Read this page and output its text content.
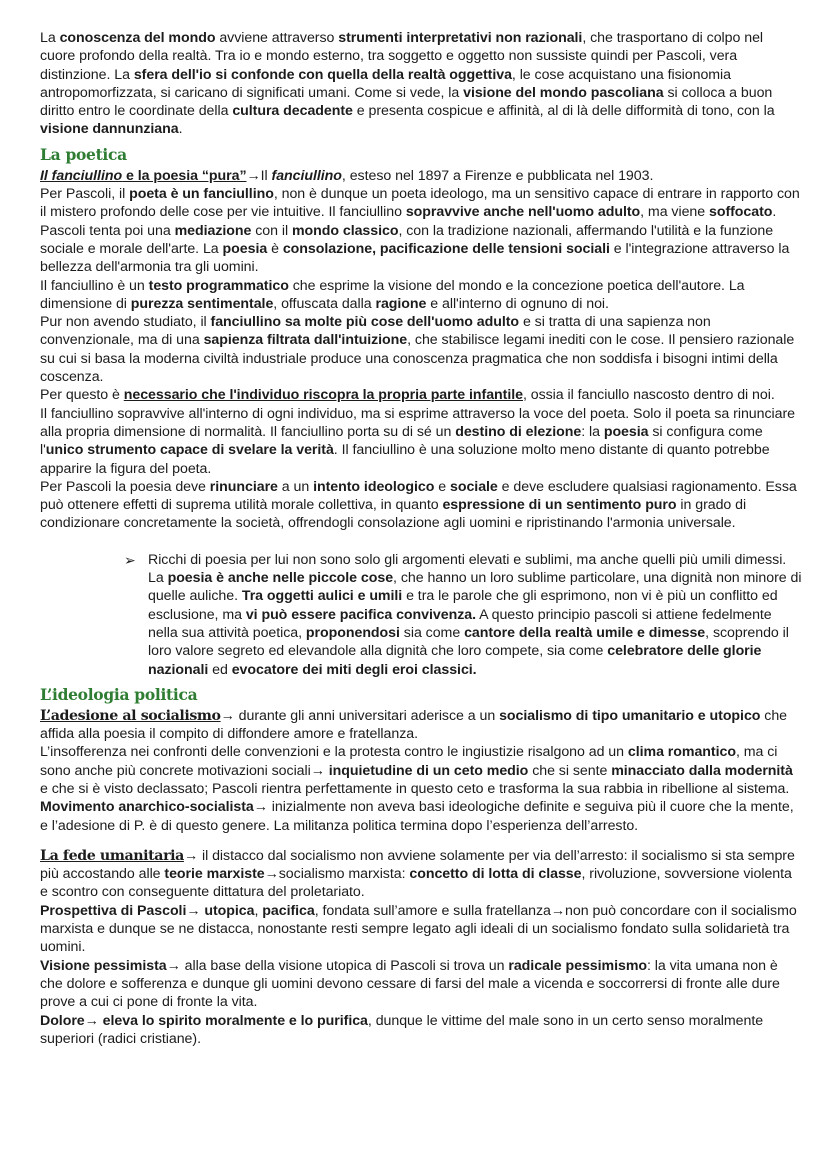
La conoscenza del mondo avviene attraverso strumenti interpretativi non razionali, che trasportano di colpo nel cuore profondo della realtà. Tra io e mondo esterno, tra soggetto e oggetto non sussiste quindi per Pascoli, vera distinzione. La sfera dell'io si confonde con quella della realtà oggettiva, le cose acquistano una fisionomia antropomorfizzata, si caricano di significati umani. Come si vede, la visione del mondo pascoliana si colloca a buon diritto entro le coordinate della cultura decadente e presenta cospicue e affinità, al di là delle difformità di tono, con la visione dannunziana.

La poetica

Il fanciullino e la poesia “pura”→Il fanciullino, esteso nel 1897 a Firenze e pubblicata nel 1903.

Per Pascoli, il poeta è un fanciullino, non è dunque un poeta ideologo, ma un sensitivo capace di entrare in rapporto con il mistero profondo delle cose per vie intuitive. Il fanciullino sopravvive anche nell'uomo adulto, ma viene soffocato. Pascoli tenta poi una mediazione con il mondo classico, con la tradizione nazionali, affermando l'utilità e la funzione sociale e morale dell'arte. La poesia è consolazione, pacificazione delle tensioni sociali e l'integrazione attraverso la bellezza dell'armonia tra gli uomini.

Il fanciullino è un testo programmatico che esprime la visione del mondo e la concezione poetica dell'autore. La dimensione di purezza sentimentale, offuscata dalla ragione e all'interno di ognuno di noi.

Pur non avendo studiato, il fanciullino sa molte più cose dell'uomo adulto e si tratta di una sapienza non convenzionale, ma di una sapienza filtrata dall'intuizione, che stabilisce legami inediti con le cose. Il pensiero razionale su cui si basa la moderna civiltà industriale produce una conoscenza pragmatica che non soddisfa i bisogni intimi della coscenza.

Per questo è necessario che l'individuo riscopra la propria parte infantile, ossia il fanciullo nascosto dentro di noi.

Il fanciullino sopravvive all'interno di ogni individuo, ma si esprime attraverso la voce del poeta. Solo il poeta sa rinunciare alla propria dimensione di normalità. Il fanciullino porta su di sé un destino di elezione: la poesia si configura come l'unico strumento capace di svelare la verità. Il fanciullino è una soluzione molto meno distante di quanto potrebbe apparire la figura del poeta.

Per Pascoli la poesia deve rinunciare a un intento ideologico e sociale e deve escludere qualsiasi ragionamento. Essa può ottenere effetti di suprema utilità morale collettiva, in quanto espressione di un sentimento puro in grado di condizionare concretamente la società, offrendogli consolazione agli uomini e ripristinando l'armonia universale.

➢ Ricchi di poesia per lui non sono solo gli argomenti elevati e sublimi, ma anche quelli più umili dimessi. La poesia è anche nelle piccole cose, che hanno un loro sublime particolare, una dignità non minore di quelle auliche. Tra oggetti aulici e umili e tra le parole che gli esprimono, non vi è più un conflitto ed esclusione, ma vi può essere pacifica convivenza. A questo principio pascoli si attiene fedelmente nella sua attività poetica, proponendosi sia come cantore della realtà umile e dimesse, scoprendo il loro valore segreto ed elevandole alla dignità che loro compete, sia come celebratore delle glorie nazionali ed evocatore dei miti degli eroi classici.

L’ideologia politica

L’adesione al socialismo→ durante gli anni universitari aderisce a un socialismo di tipo umanitario e utopico che affida alla poesia il compito di diffondere amore e fratellanza.

L’insofferenza nei confronti delle convenzioni e la protesta contro le ingiustizie risalgono ad un clima romantico, ma ci sono anche più concrete motivazioni sociali→ inquietudine di un ceto medio che si sente minacciato dalla modernità e che si è visto declassato; Pascoli rientra perfettamente in questo ceto e trasforma la sua rabbia in ribellione al sistema.

Movimento anarchico-socialista→ inizialmente non aveva basi ideologiche definite e seguiva più il cuore che la mente, e l’adesione di P. è di questo genere. La militanza politica termina dopo l’esperienza dell’arresto.

La fede umanitaria→ il distacco dal socialismo non avviene solamente per via dell’arresto: il socialismo si sta sempre più accostando alle teorie marxiste→socialismo marxista: concetto di lotta di classe, rivoluzione, sovversione violenta e scontro con conseguente dittatura del proletariato.

Prospettiva di Pascoli→ utopica, pacifica, fondata sull’amore e sulla fratellanza→non può concordare con il socialismo marxista e dunque se ne distacca, nonostante resti sempre legato agli ideali di un socialismo fondato sulla solidarietà tra uomini.

Visione pessimista→ alla base della visione utopica di Pascoli si trova un radicale pessimismo: la vita umana non è che dolore e sofferenza e dunque gli uomini devono cessare di farsi del male a vicenda e soccorrersi di fronte alle dure prove a cui ci pone di fronte la vita.

Dolore→ eleva lo spirito moralmente e lo purifica, dunque le vittime del male sono in un certo senso moralmente superiori (radici cristiane).
